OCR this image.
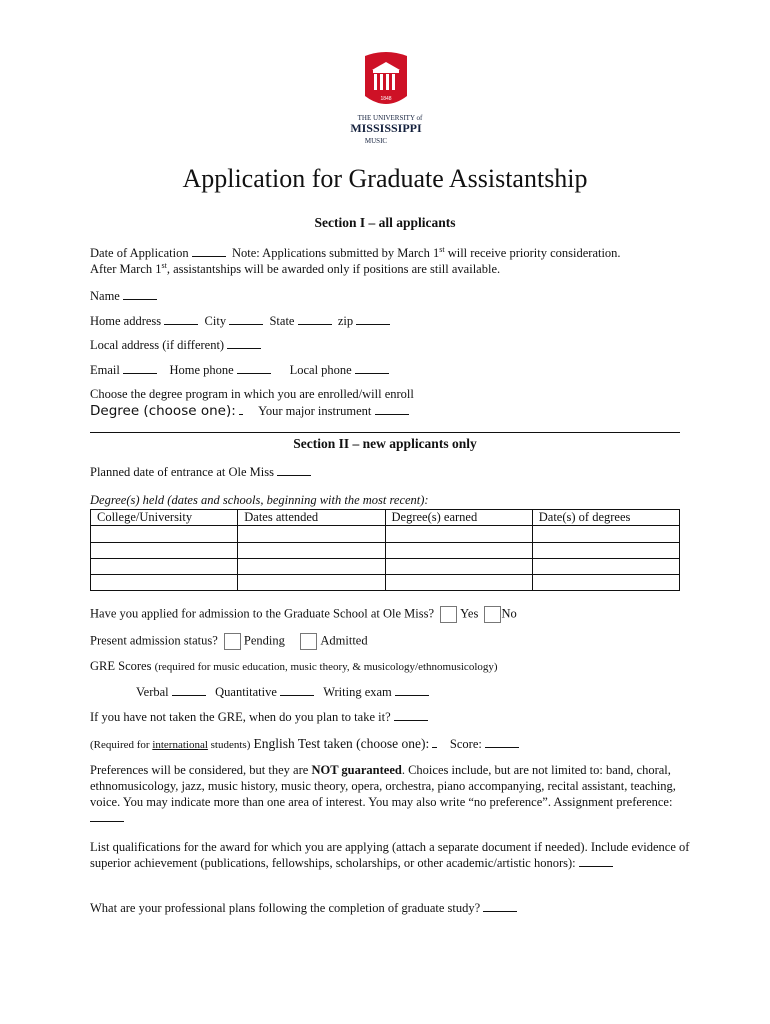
1848
THE UNIVERSITY of
MISSISSIPPI
MUSIC
Application for Graduate Assistantship
Section I – all applicants
Date of Application	Note: Applications submitted by March 1st will receive priority consideration.
After March 1st, assistantships will be awarded only if positions are still available.
Name
Home address	City	State	zip
Local address (if different)
Email	Home phone	Local phone
Choose the degree program in which you are enrolled/will enroll
Degree (choose one): Your major instrument
Section II – new applicants only
Planned date of entrance at Ole Miss
Degree(s) held (dates and schools, beginning with the most recent):
College/University	Dates attended	Degree(s) earned	Date(s) of degrees

Have you applied for admission to the Graduate School at Ole Miss? Yes No
Present admission status? Pending	Admitted
GRE Scores (required for music education, music theory, & musicology/ethnomusicology)
Verbal	Quantitative	Writing exam
If you have not taken the GRE, when do you plan to take it?
(Required for international students) English Test taken (choose one): Score:
Preferences will be considered, but they are NOT guaranteed. Choices include, but are not limited to: band, choral, ethnomusicology, jazz, music history, music theory, opera, orchestra, piano accompanying, recital assistant, teaching, voice. You may indicate more than one area of interest. You may also write “no preference”. Assignment preference:
List qualifications for the award for which you are applying (attach a separate document if needed). Include evidence of superior achievement (publications, fellowships, scholarships, or other academic/artistic honors):
What are your professional plans following the completion of graduate study?
